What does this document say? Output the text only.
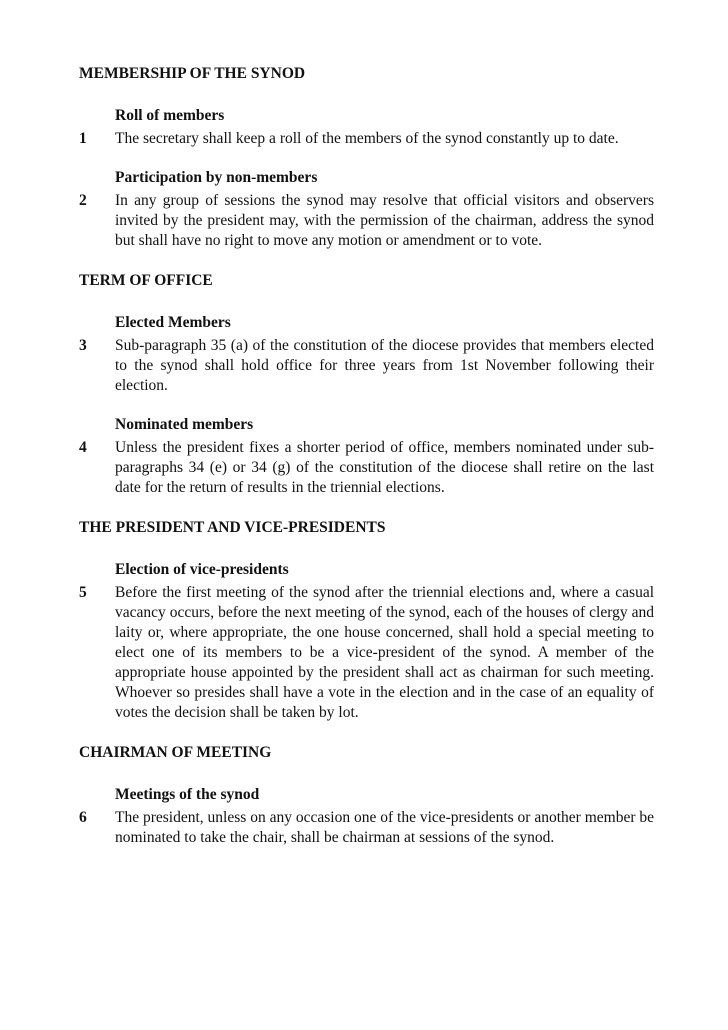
MEMBERSHIP OF THE SYNOD
Roll of members
1	The secretary shall keep a roll of the members of the synod constantly up to date.

Participation by non-members
2	In any group of sessions the synod may resolve that official visitors and observers invited by the president may, with the permission of the chairman, address the synod but shall have no right to move any motion or amendment or to vote.

TERM OF OFFICE
Elected Members
3	Sub-paragraph 35 (a) of the constitution of the diocese provides that members elected to the synod shall hold office for three years from 1st November following their election.

Nominated members
4	Unless the president fixes a shorter period of office, members nominated under sub-paragraphs 34 (e) or 34 (g) of the constitution of the diocese shall retire on the last date for the return of results in the triennial elections.

THE PRESIDENT AND VICE-PRESIDENTS
Election of vice-presidents
5	Before the first meeting of the synod after the triennial elections and, where a casual vacancy occurs, before the next meeting of the synod, each of the houses of clergy and laity or, where appropriate, the one house concerned, shall hold a special meeting to elect one of its members to be a vice-president of the synod. A member of the appropriate house appointed by the president shall act as chairman for such meeting. Whoever so presides shall have a vote in the election and in the case of an equality of votes the decision shall be taken by lot.

CHAIRMAN OF MEETING
Meetings of the synod
6	The president, unless on any occasion one of the vice-presidents or another member be nominated to take the chair, shall be chairman at sessions of the synod.
